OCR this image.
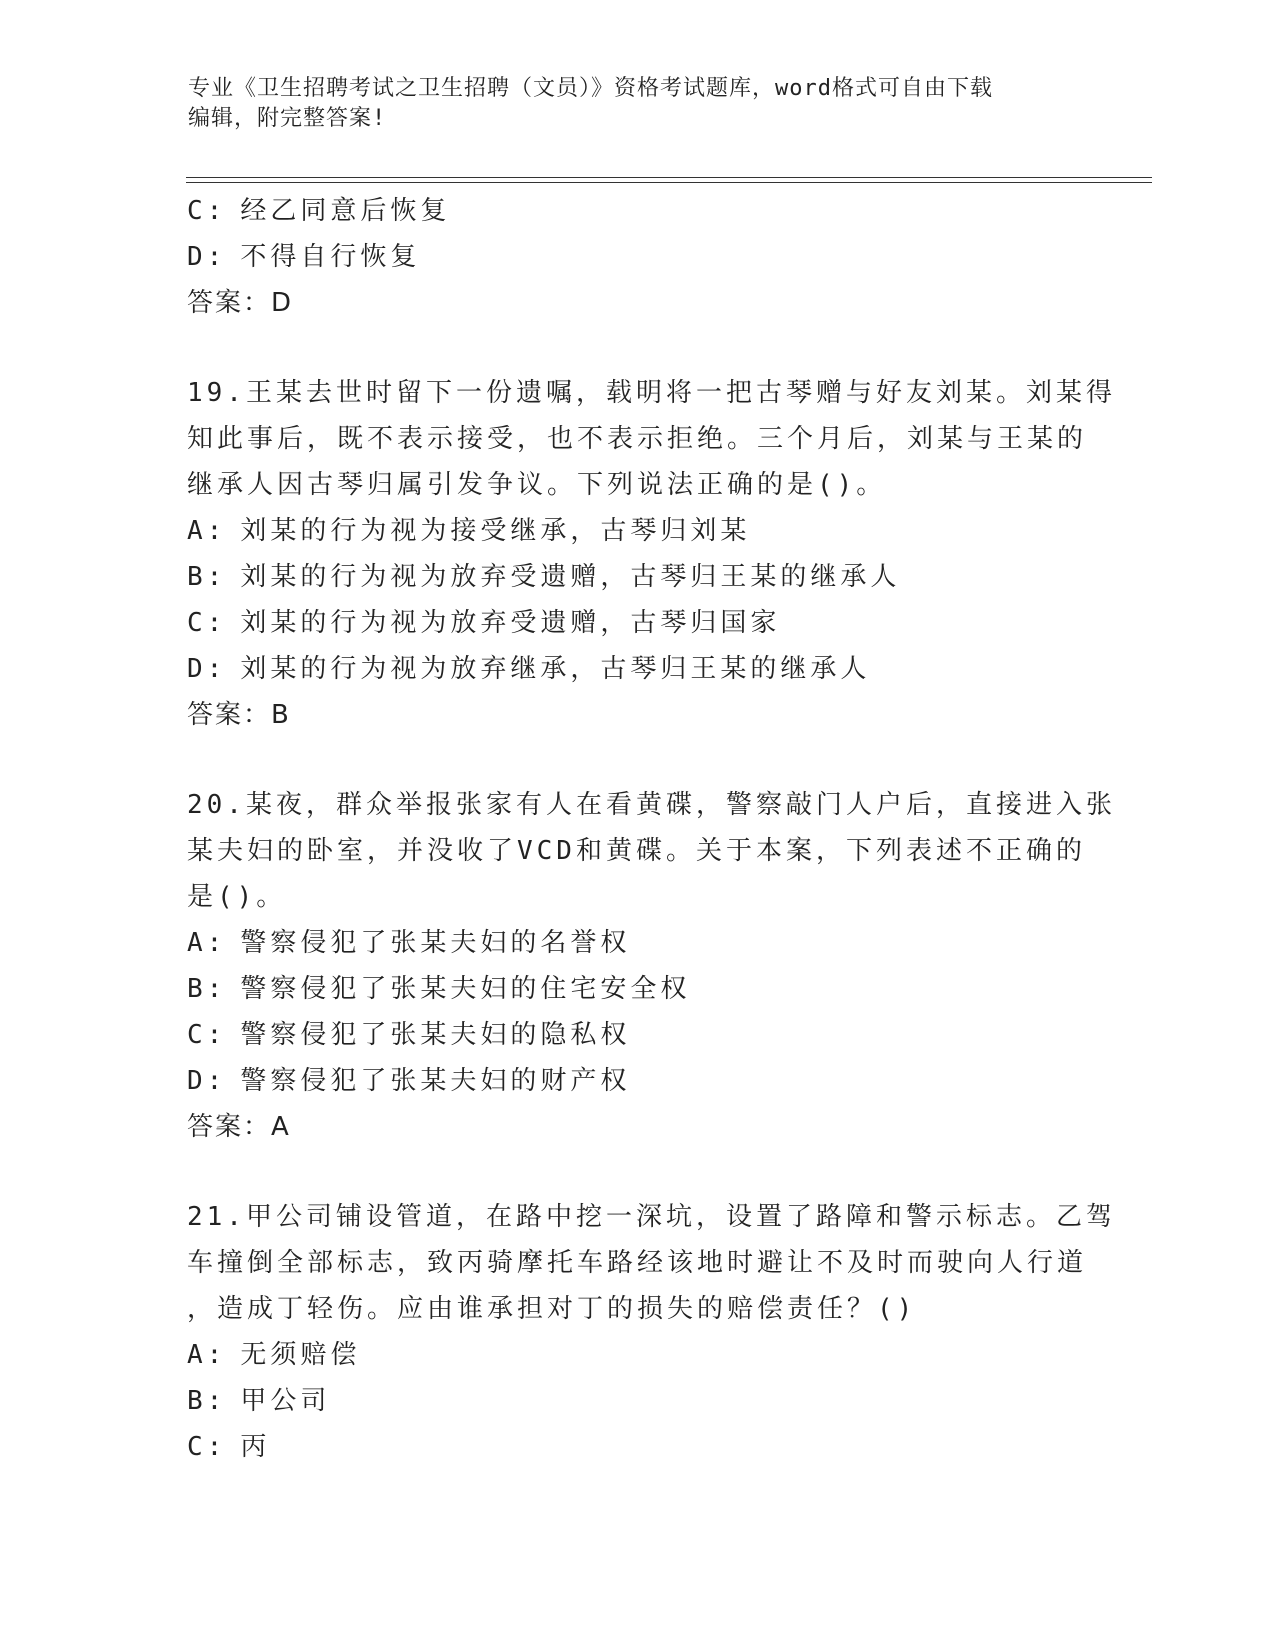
专业《卫生招聘考试之卫生招聘（文员）》资格考试题库，word格式可自由下载
编辑，附完整答案!
C: 经乙同意后恢复
D: 不得自行恢复
答案：D
19.王某去世时留下一份遗嘱，载明将一把古琴赠与好友刘某。刘某得
知此事后，既不表示接受，也不表示拒绝。三个月后，刘某与王某的
继承人因古琴归属引发争议。下列说法正确的是()。
A: 刘某的行为视为接受继承，古琴归刘某
B: 刘某的行为视为放弃受遗赠，古琴归王某的继承人
C: 刘某的行为视为放弃受遗赠，古琴归国家
D: 刘某的行为视为放弃继承，古琴归王某的继承人
答案：B
20.某夜，群众举报张家有人在看黄碟，警察敲门人户后，直接进入张
某夫妇的卧室，并没收了VCD和黄碟。关于本案，下列表述不正确的
是()。
A: 警察侵犯了张某夫妇的名誉权
B: 警察侵犯了张某夫妇的住宅安全权
C: 警察侵犯了张某夫妇的隐私权
D: 警察侵犯了张某夫妇的财产权
答案：A
21.甲公司铺设管道，在路中挖一深坑，设置了路障和警示标志。乙驾
车撞倒全部标志，致丙骑摩托车路经该地时避让不及时而驶向人行道
，造成丁轻伤。应由谁承担对丁的损失的赔偿责任？()
A: 无须赔偿
B: 甲公司
C: 丙
